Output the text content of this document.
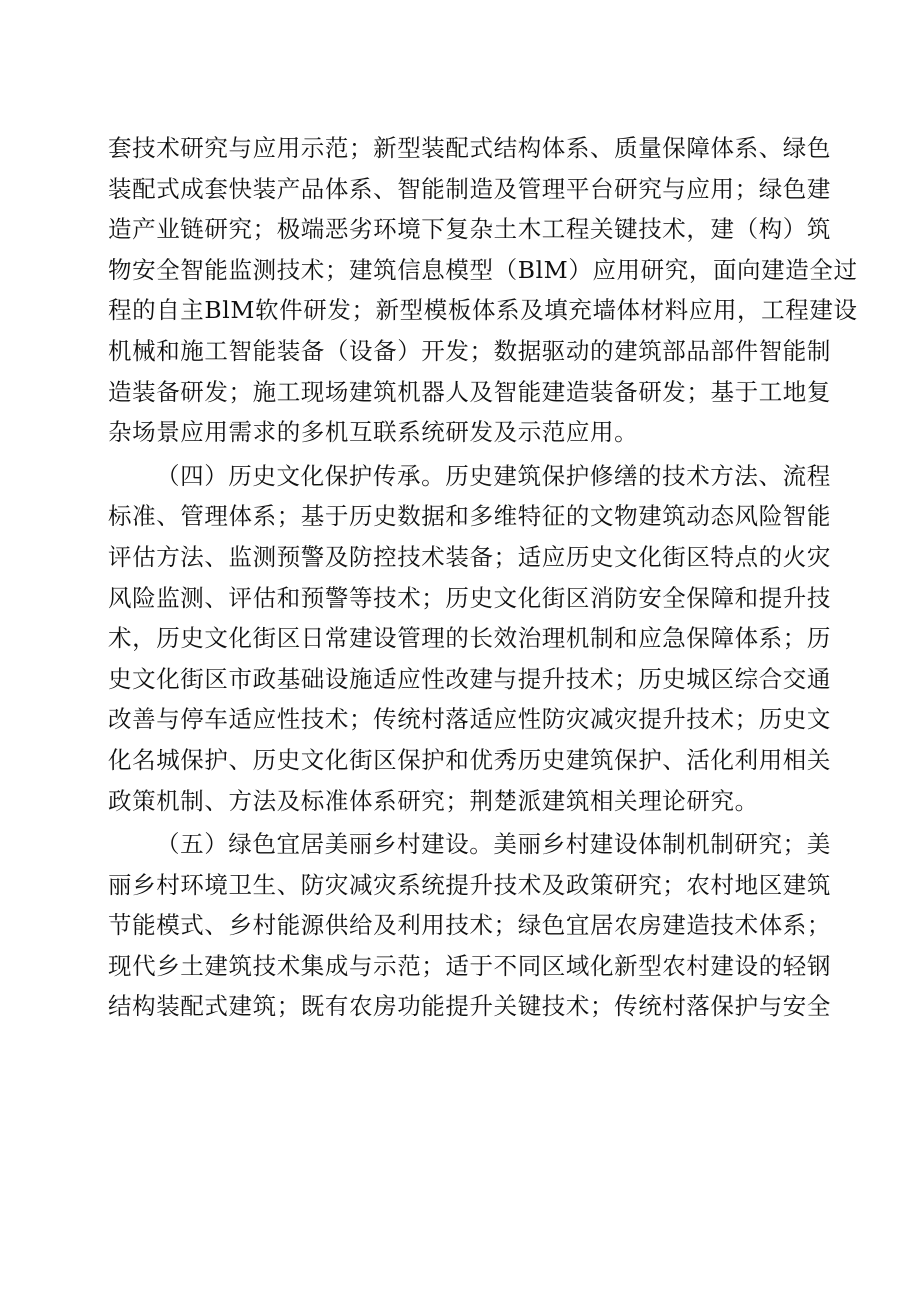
套技术研究与应用示范；新型装配式结构体系、质量保障体系、绿色
装配式成套快装产品体系、智能制造及管理平台研究与应用；绿色建
造产业链研究；极端恶劣环境下复杂土木工程关键技术，建（构）筑
物安全智能监测技术；建筑信息模型（BlM）应用研究，面向建造全过
程的自主BlM软件研发；新型模板体系及填充墙体材料应用，工程建设
机械和施工智能装备（设备）开发；数据驱动的建筑部品部件智能制
造装备研发；施工现场建筑机器人及智能建造装备研发；基于工地复
杂场景应用需求的多机互联系统研发及示范应用。
（四）历史文化保护传承。历史建筑保护修缮的技术方法、流程
标准、管理体系；基于历史数据和多维特征的文物建筑动态风险智能
评估方法、监测预警及防控技术装备；适应历史文化街区特点的火灾
风险监测、评估和预警等技术；历史文化街区消防安全保障和提升技
术，历史文化街区日常建设管理的长效治理机制和应急保障体系；历
史文化街区市政基础设施适应性改建与提升技术；历史城区综合交通
改善与停车适应性技术；传统村落适应性防灾减灾提升技术；历史文
化名城保护、历史文化街区保护和优秀历史建筑保护、活化利用相关
政策机制、方法及标准体系研究；荆楚派建筑相关理论研究。
（五）绿色宜居美丽乡村建设。美丽乡村建设体制机制研究；美
丽乡村环境卫生、防灾减灾系统提升技术及政策研究；农村地区建筑
节能模式、乡村能源供给及利用技术；绿色宜居农房建造技术体系；
现代乡土建筑技术集成与示范；适于不同区域化新型农村建设的轻钢
结构装配式建筑；既有农房功能提升关键技术；传统村落保护与安全
